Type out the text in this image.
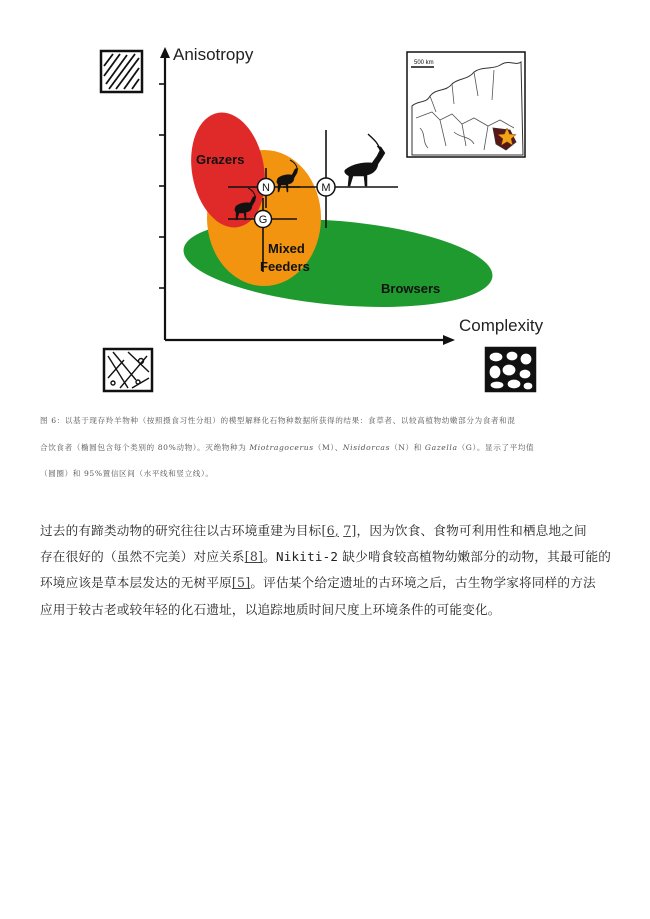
Anisotropy
Complexity
500 km
Grazers
Mixed
Feeders
Browsers
N	M
G

图 6：以基于现存羚羊物种（按照摄食习性分组）的模型解释化石物种数据所获得的结果：食草者、以较高植物幼嫩部分为食者和混

合饮食者（椭圆包含每个类别的 80%动物）。灭绝物种为 Miotragocerus（M）、Nisidorcas（N）和 Gazella（G）。显示了平均值

（圆圈）和 95%置信区间（水平线和竖立线）。

过去的有蹄类动物的研究往往以古环境重建为目标[6, 7]，因为饮食、食物可利用性和栖息地之间

存在很好的（虽然不完美）对应关系[8]。Nikiti-2 缺少啃食较高植物幼嫩部分的动物，其最可能的

环境应该是草本层发达的无树平原[5]。评估某个给定遗址的古环境之后，古生物学家将同样的方法

应用于较古老或较年轻的化石遗址，以追踪地质时间尺度上环境条件的可能变化。
